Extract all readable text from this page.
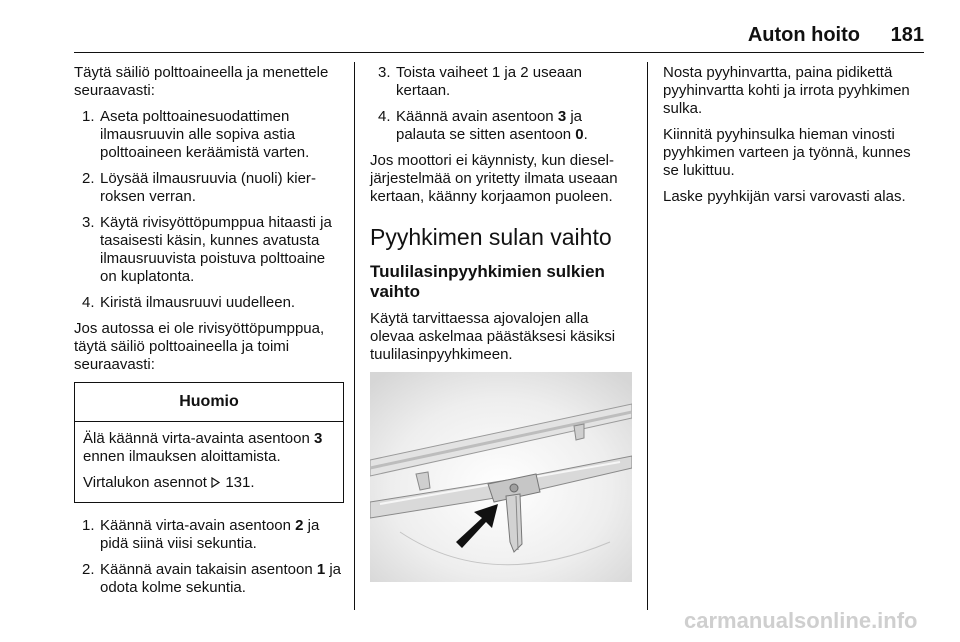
Auton hoito 181

Täytä säiliö polttoaineella ja menettele seuraavasti:

1. Aseta polttoainesuodattimen ilmausruuvin alle sopiva astia polttoaineen keräämistä varten.
2. Löysää ilmausruuvia (nuoli) kierroksen verran.
3. Käytä rivisyöttöpumppua hitaasti ja tasaisesti käsin, kunnes avatusta ilmausruuvista poistuva polttoaine on kuplatonta.
4. Kiristä ilmausruuvi uudelleen.

Jos autossa ei ole rivisyöttöpumppua, täytä säiliö polttoaineella ja toimi seuraavasti:

Huomio

Älä käännä virta-avainta asentoon 3 ennen ilmauksen aloittamista.

Virtalukon asennot  131.

1. Käännä virta-avain asentoon 2 ja pidä siinä viisi sekuntia.
2. Käännä avain takaisin asentoon 1 ja odota kolme sekuntia.
3. Toista vaiheet 1 ja 2 useaan kertaan.
4. Käännä avain asentoon 3 ja palauta se sitten asentoon 0.

Jos moottori ei käynnisty, kun dieseljärjestelmää on yritetty ilmata useaan kertaan, käänny korjaamon puoleen.

Pyyhkimen sulan vaihto
Tuulilasinpyyhkimien sulkien vaihto

Käytä tarvittaessa ajovalojen alla olevaa askelmaa päästäksesi käsiksi tuulilasinpyyhkimeen.

Nosta pyyhinvartta, paina pidikettä pyyhinvartta kohti ja irrota pyyhkimen sulka.

Kiinnitä pyyhinsulka hieman vinosti pyyhkimen varteen ja työnnä, kunnes se lukittuu.

Laske pyyhkijän varsi varovasti alas.

carmanualsonline.info
